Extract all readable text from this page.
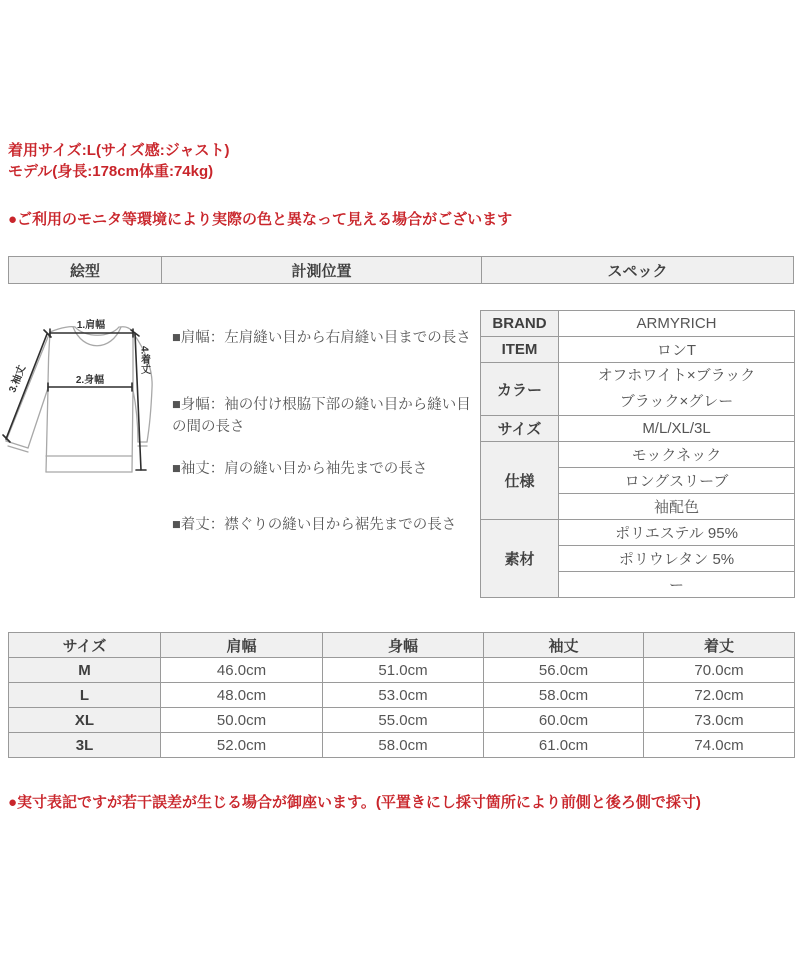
着用サイズ:L(サイズ感:ジャスト)
モデル(身長:178cm体重:74kg)
●ご利用のモニタ等環境により実際の色と異なって見える場合がございます
絵型	計測位置	スペック
1.肩幅
2.身幅
3.袖丈
4.着丈
■肩幅：左肩縫い目から右肩縫い目までの長さ
■身幅：袖の付け根脇下部の縫い目から縫い目の間の長さ
■袖丈：肩の縫い目から袖先までの長さ
■着丈：襟ぐりの縫い目から裾先までの長さ
BRAND	ARMYRICH
ITEM	ロンT
カラー	オフホワイト×ブラック
ブラック×グレー

サイズ	M/L/XL/3L
仕様	モックネック
	ロングスリーブ
	袖配色
素材	ポリエステル 95%
	ポリウレタン 5%
	ー
サイズ	肩幅	身幅	袖丈	着丈
M	46.0cm	51.0cm	56.0cm	70.0cm
L	48.0cm	53.0cm	58.0cm	72.0cm
XL	50.0cm	55.0cm	60.0cm	73.0cm
3L	52.0cm	58.0cm	61.0cm	74.0cm
●実寸表記ですが若干誤差が生じる場合が御座います。(平置きにし採寸箇所により前側と後ろ側で採寸)
